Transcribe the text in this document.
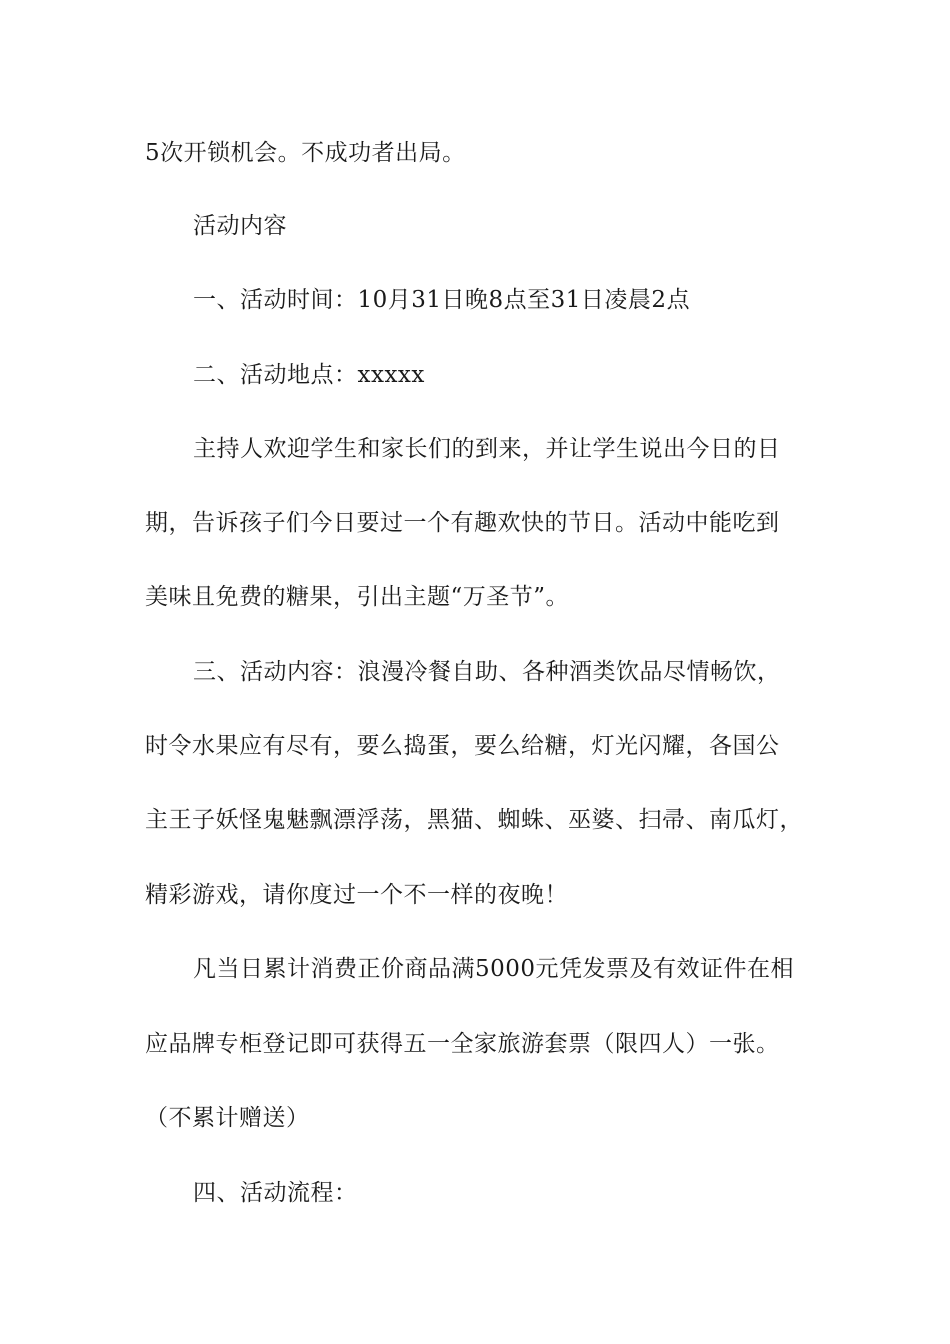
5次开锁机会。不成功者出局。
活动内容
一、活动时间：10月31日晚8点至31日凌晨2点
二、活动地点：xxxxx
主持人欢迎学生和家长们的到来，并让学生说出今日的日
期，告诉孩子们今日要过一个有趣欢快的节日。活动中能吃到
美味且免费的糖果，引出主题“万圣节”。
三、活动内容：浪漫冷餐自助、各种酒类饮品尽情畅饮，
时令水果应有尽有，要么捣蛋，要么给糖，灯光闪耀，各国公
主王子妖怪鬼魅飘漂浮荡，黑猫、蜘蛛、巫婆、扫帚、南瓜灯，
精彩游戏，请你度过一个不一样的夜晚！
凡当日累计消费正价商品满5000元凭发票及有效证件在相
应品牌专柜登记即可获得五一全家旅游套票（限四人）一张。
（不累计赠送）
四、活动流程：
